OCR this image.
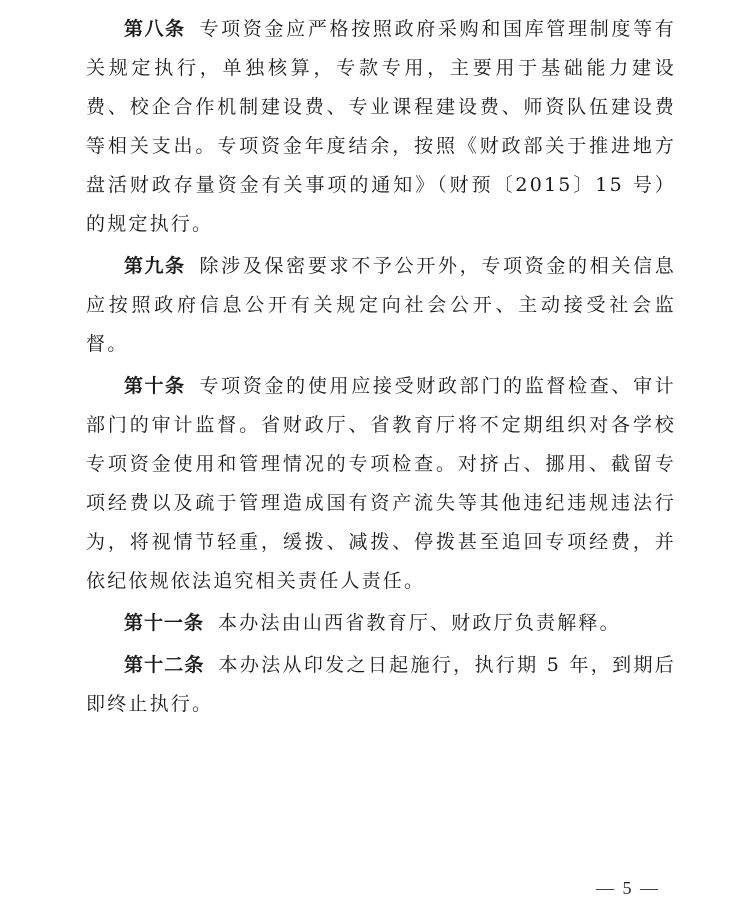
第八条 专项资金应严格按照政府采购和国库管理制度等有关规定执行，单独核算，专款专用，主要用于基础能力建设费、校企合作机制建设费、专业课程建设费、师资队伍建设费等相关支出。专项资金年度结余，按照《财政部关于推进地方盘活财政存量资金有关事项的通知》（财预〔2015〕15 号）的规定执行。

第九条 除涉及保密要求不予公开外，专项资金的相关信息应按照政府信息公开有关规定向社会公开、主动接受社会监督。

第十条 专项资金的使用应接受财政部门的监督检查、审计部门的审计监督。省财政厅、省教育厅将不定期组织对各学校专项资金使用和管理情况的专项检查。对挤占、挪用、截留专项经费以及疏于管理造成国有资产流失等其他违纪违规违法行为，将视情节轻重，缓拨、减拨、停拨甚至追回专项经费，并依纪依规依法追究相关责任人责任。

第十一条 本办法由山西省教育厅、财政厅负责解释。

第十二条 本办法从印发之日起施行，执行期 5 年，到期后即终止执行。

— 5 —
